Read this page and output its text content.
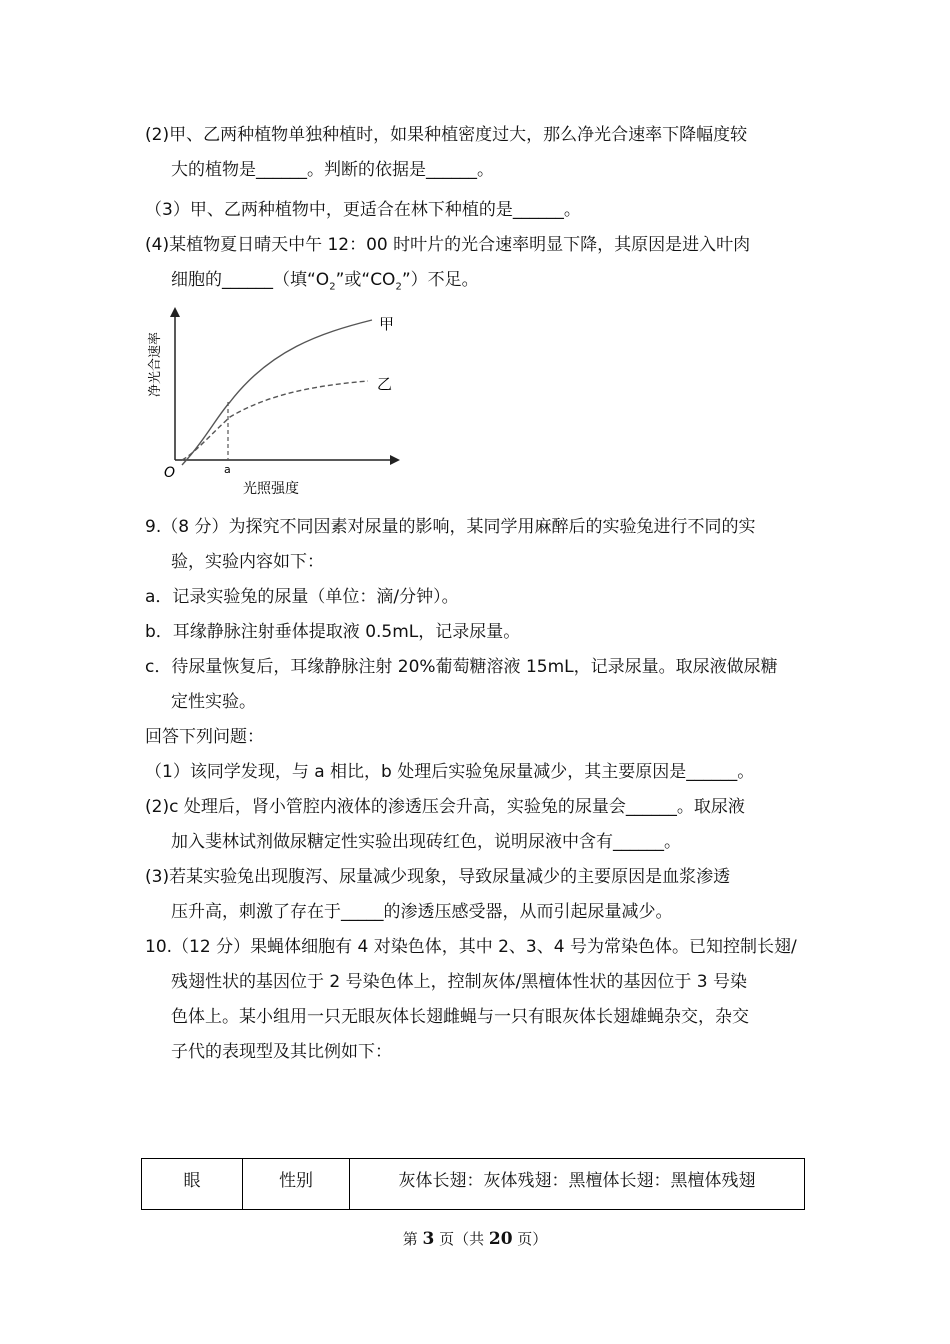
(2)甲、乙两种植物单独种植时，如果种植密度过大，那么净光合速率下降幅度较
大的植物是______。判断的依据是______。

（3）甲、乙两种植物中，更适合在林下种植的是______。

(4)某植物夏日晴天中午 12：00 时叶片的光合速率明显下降，其原因是进入叶肉
细胞的______（填“$O_2$”或“$CO_2$”）不足。

甲
乙
O	a
光照强度
净光合速率

9.（8 分）为探究不同因素对尿量的影响，某同学用麻醉后的实验兔进行不同的实
验，实验内容如下：
a．记录实验兔的尿量（单位：滴/分钟）。
b．耳缘静脉注射垂体提取液 0.5mL，记录尿量。
c．待尿量恢复后，耳缘静脉注射 20%葡萄糖溶液 15mL，记录尿量。取尿液做尿糖
定性实验。
回答下列问题：
（1）该同学发现，与 a 相比，b 处理后实验兔尿量减少，其主要原因是______。
(2)c 处理后，肾小管腔内液体的渗透压会升高，实验兔的尿量会______。取尿液
加入斐林试剂做尿糖定性实验出现砖红色，说明尿液中含有______。
(3)若某实验兔出现腹泻、尿量减少现象，导致尿量减少的主要原因是血浆渗透
压升高，刺激了存在于_____的渗透压感受器，从而引起尿量减少。
10.（12 分）果蝇体细胞有 4 对染色体，其中 2、3、4 号为常染色体。已知控制长翅/
残翅性状的基因位于 2 号染色体上，控制灰体/黑檀体性状的基因位于 3 号染
色体上。某小组用一只无眼灰体长翅雌蝇与一只有眼灰体长翅雄蝇杂交，杂交
子代的表现型及其比例如下：

眼	性别	灰体长翅：灰体残翅：黑檀体长翅：黑檀体残翅
第 3 页（共 20 页）
